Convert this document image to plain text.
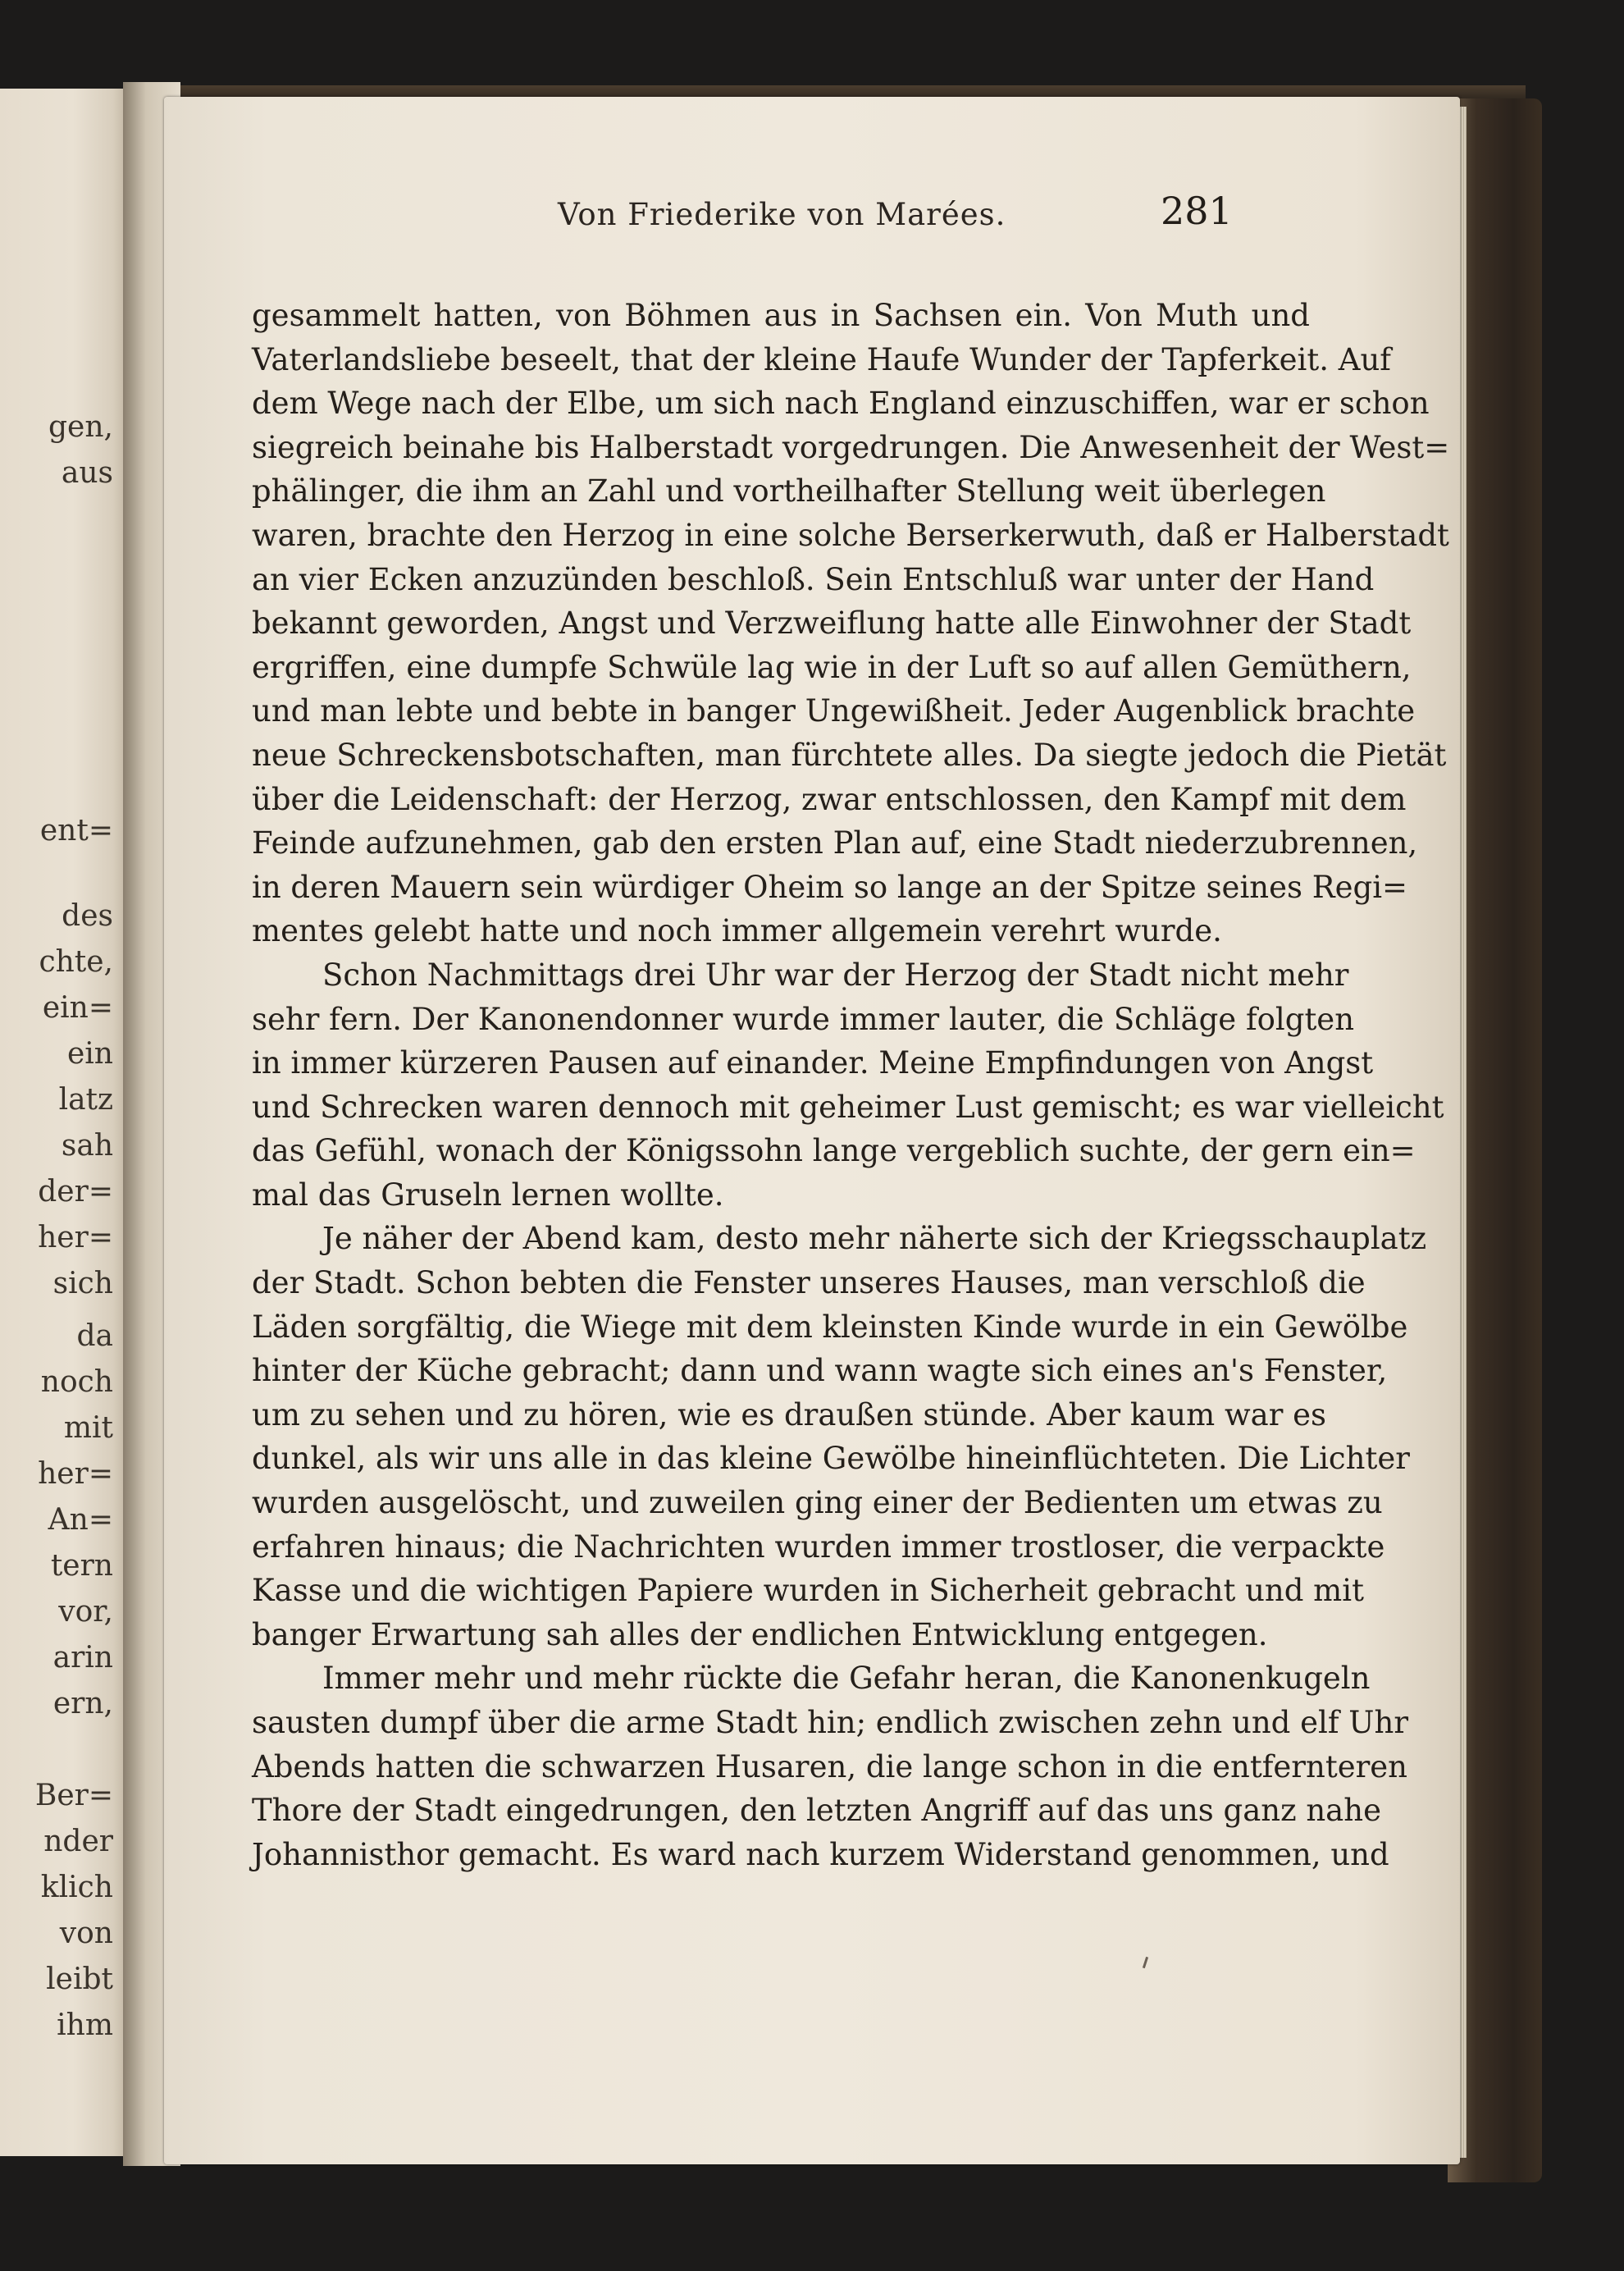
gen,
aus
ent=
des
chte,
ein=
ein
latz
sah
der=
her=
sich
da
noch
mit
her=
An=
tern
vor,
arin
ern,
Ber=
nder
klich
von
leibt
ihm
Von Friederike von Marées.	281
gesammelt hatten, von Böhmen aus in Sachsen ein. Von Muth und
Vaterlandsliebe beseelt, that der kleine Haufe Wunder der Tapferkeit. Auf
dem Wege nach der Elbe, um sich nach England einzuschiffen, war er schon
siegreich beinahe bis Halberstadt vorgedrungen. Die Anwesenheit der West=
phälinger, die ihm an Zahl und vortheilhafter Stellung weit überlegen
waren, brachte den Herzog in eine solche Berserkerwuth, daß er Halberstadt
an vier Ecken anzuzünden beschloß. Sein Entschluß war unter der Hand
bekannt geworden, Angst und Verzweiflung hatte alle Einwohner der Stadt
ergriffen, eine dumpfe Schwüle lag wie in der Luft so auf allen Gemüthern,
und man lebte und bebte in banger Ungewißheit. Jeder Augenblick brachte
neue Schreckensbotschaften, man fürchtete alles. Da siegte jedoch die Pietät
über die Leidenschaft: der Herzog, zwar entschlossen, den Kampf mit dem
Feinde aufzunehmen, gab den ersten Plan auf, eine Stadt niederzubrennen,
in deren Mauern sein würdiger Oheim so lange an der Spitze seines Regi=
mentes gelebt hatte und noch immer allgemein verehrt wurde.
Schon Nachmittags drei Uhr war der Herzog der Stadt nicht mehr
sehr fern. Der Kanonendonner wurde immer lauter, die Schläge folgten
in immer kürzeren Pausen auf einander. Meine Empfindungen von Angst
und Schrecken waren dennoch mit geheimer Lust gemischt; es war vielleicht
das Gefühl, wonach der Königssohn lange vergeblich suchte, der gern ein=
mal das Gruseln lernen wollte.
Je näher der Abend kam, desto mehr näherte sich der Kriegsschauplatz
der Stadt. Schon bebten die Fenster unseres Hauses, man verschloß die
Läden sorgfältig, die Wiege mit dem kleinsten Kinde wurde in ein Gewölbe
hinter der Küche gebracht; dann und wann wagte sich eines an's Fenster,
um zu sehen und zu hören, wie es draußen stünde. Aber kaum war es
dunkel, als wir uns alle in das kleine Gewölbe hineinflüchteten. Die Lichter
wurden ausgelöscht, und zuweilen ging einer der Bedienten um etwas zu
erfahren hinaus; die Nachrichten wurden immer trostloser, die verpackte
Kasse und die wichtigen Papiere wurden in Sicherheit gebracht und mit
banger Erwartung sah alles der endlichen Entwicklung entgegen.
Immer mehr und mehr rückte die Gefahr heran, die Kanonenkugeln
sausten dumpf über die arme Stadt hin; endlich zwischen zehn und elf Uhr
Abends hatten die schwarzen Husaren, die lange schon in die entfernteren
Thore der Stadt eingedrungen, den letzten Angriff auf das uns ganz nahe
Johannisthor gemacht. Es ward nach kurzem Widerstand genommen, und
